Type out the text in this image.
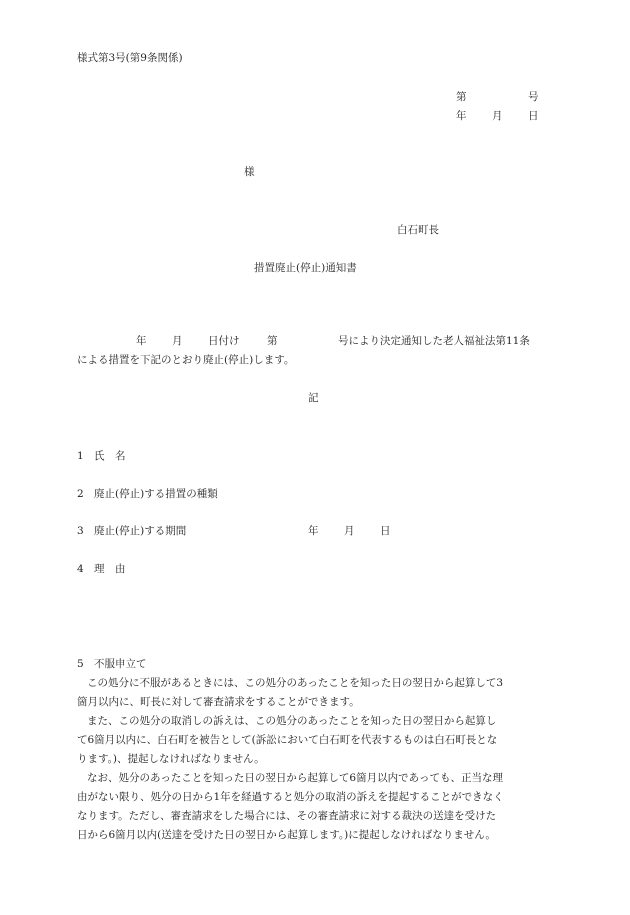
様式第3号(第9条関係)
第	号
年 月 日
様
白石町長
措置廃止(停止)通知書
年 月 日付け	第	号により決定通知した老人福祉法第11条
による措置を下記のとおり廃止(停止)します。
記
1 氏　名
2 廃止(停止)する措置の種類
3 廃止(停止)する期間	年 月 日
4 理　由
5 不服申立て

この処分に不服があるときには、この処分のあったことを知った日の翌日から起算して3

箇月以内に、町長に対して審査請求をすることができます。

また、この処分の取消しの訴えは、この処分のあったことを知った日の翌日から起算し

て6箇月以内に、白石町を被告として(訴訟において白石町を代表するものは白石町長とな

ります。)、提起しなければなりません。

なお、処分のあったことを知った日の翌日から起算して6箇月以内であっても、正当な理

由がない限り、処分の日から1年を経過すると処分の取消の訴えを提起することができなく

なります。ただし、審査請求をした場合には、その審査請求に対する裁決の送達を受けた

日から6箇月以内(送達を受けた日の翌日から起算します。)に提起しなければなりません。
